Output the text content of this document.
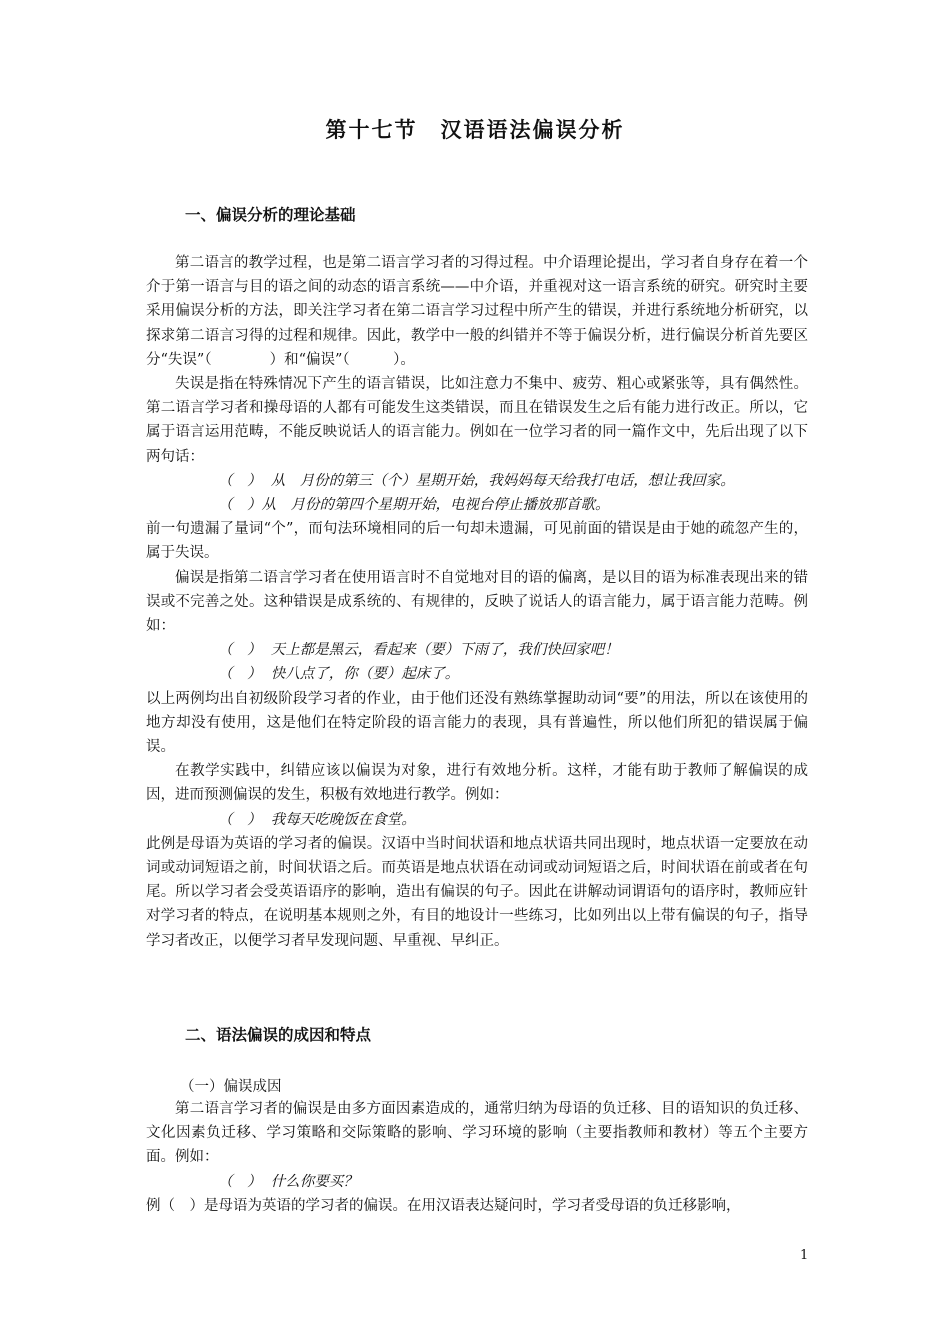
第十七节　汉语语法偏误分析
一、偏误分析的理论基础

第二语言的教学过程，也是第二语言学习者的习得过程。中介语理论提出，学习者自身存在着一个介于第一语言与目的语之间的动态的语言系统——中介语，并重视对这一语言系统的研究。研究时主要采用偏误分析的方法，即关注学习者在第二语言学习过程中所产生的错误，并进行系统地分析研究，以探求第二语言习得的过程和规律。因此，教学中一般的纠错并不等于偏误分析，进行偏误分析首先要区分“失误”（　　　　）和“偏误”（　　　）。

失误是指在特殊情况下产生的语言错误，比如注意力不集中、疲劳、粗心或紧张等，具有偶然性。第二语言学习者和操母语的人都有可能发生这类错误，而且在错误发生之后有能力进行改正。所以，它属于语言运用范畴，不能反映说话人的语言能力。例如在一位学习者的同一篇作文中，先后出现了以下两句话：

（　）  从　月份的第三（个）星期开始，我妈妈每天给我打电话，想让我回家。

（　）从　月份的第四个星期开始，电视台停止播放那首歌。

前一句遗漏了量词“个”，而句法环境相同的后一句却未遗漏，可见前面的错误是由于她的疏忽产生的，属于失误。

偏误是指第二语言学习者在使用语言时不自觉地对目的语的偏离，是以目的语为标准表现出来的错误或不完善之处。这种错误是成系统的、有规律的，反映了说话人的语言能力，属于语言能力范畴。例如：

（　）  天上都是黑云，看起来（要）下雨了，我们快回家吧！

（　）  快八点了，你（要）起床了。

以上两例均出自初级阶段学习者的作业，由于他们还没有熟练掌握助动词“要”的用法，所以在该使用的地方却没有使用，这是他们在特定阶段的语言能力的表现，具有普遍性，所以他们所犯的错误属于偏误。

在教学实践中，纠错应该以偏误为对象，进行有效地分析。这样，才能有助于教师了解偏误的成因，进而预测偏误的发生，积极有效地进行教学。例如：

（　）  我每天吃晚饭在食堂。

此例是母语为英语的学习者的偏误。汉语中当时间状语和地点状语共同出现时，地点状语一定要放在动词或动词短语之前，时间状语之后。而英语是地点状语在动词或动词短语之后，时间状语在前或者在句尾。所以学习者会受英语语序的影响，造出有偏误的句子。因此在讲解动词谓语句的语序时，教师应针对学习者的特点，在说明基本规则之外，有目的地设计一些练习，比如列出以上带有偏误的句子，指导学习者改正，以便学习者早发现问题、早重视、早纠正。

二、语法偏误的成因和特点
（一）偏误成因

第二语言学习者的偏误是由多方面因素造成的，通常归纳为母语的负迁移、目的语知识的负迁移、文化因素负迁移、学习策略和交际策略的影响、学习环境的影响（主要指教师和教材）等五个主要方面。例如：

（　）  什么你要买？

例（　）是母语为英语的学习者的偏误。在用汉语表达疑问时，学习者受母语的负迁移影响，

1
